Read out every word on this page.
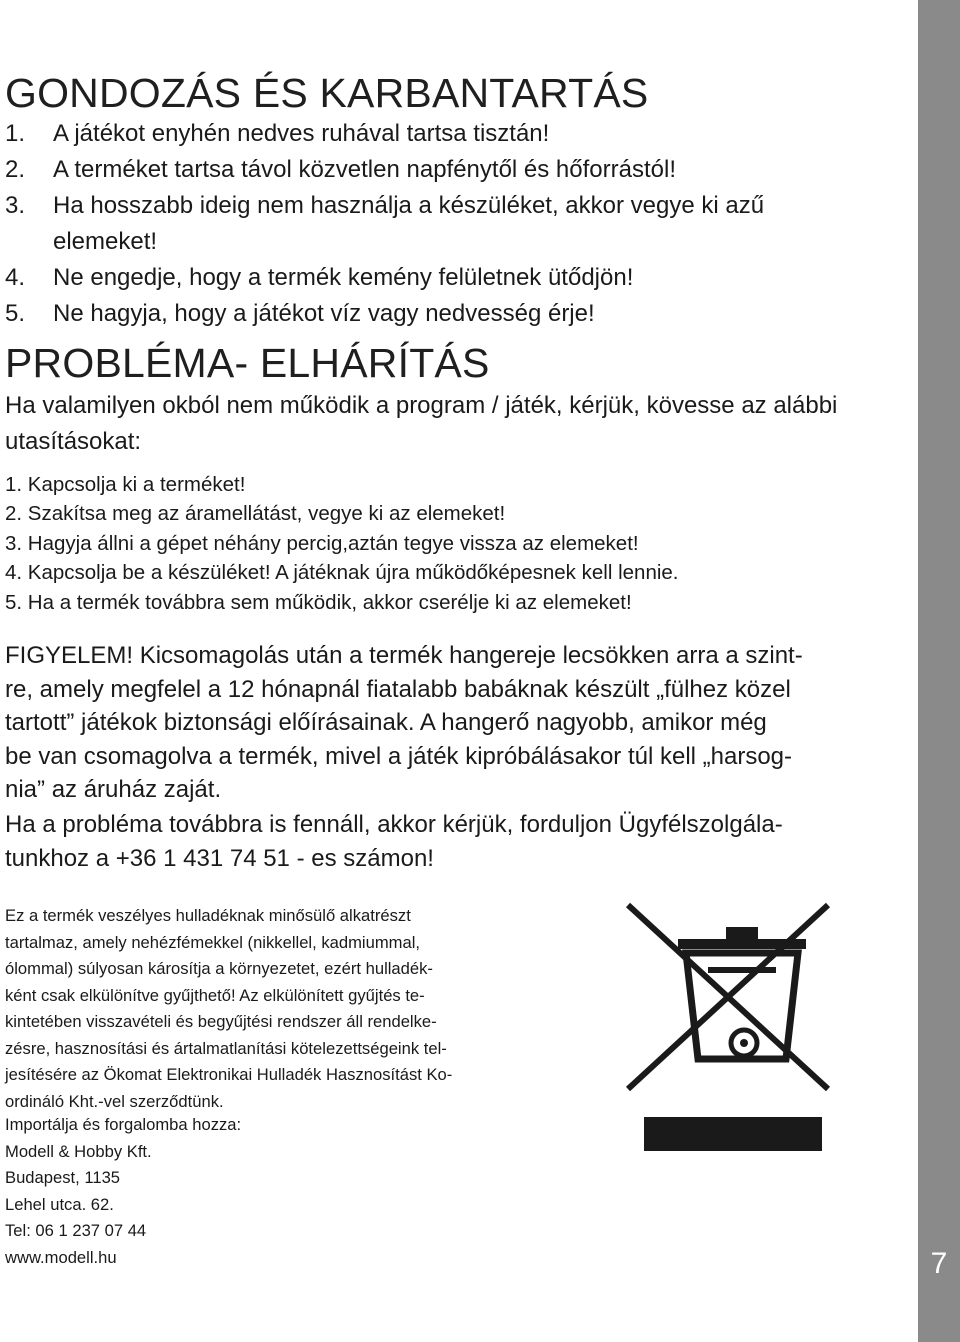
7
GONDOZÁS ÉS KARBANTARTÁS
1. A játékot enyhén nedves ruhával tartsa tisztán!
2. A terméket tartsa távol közvetlen napfénytől és hőforrástól!
3. Ha hosszabb ideig nem használja a készüléket, akkor vegye ki azű elemeket!
4. Ne engedje, hogy a termék kemény felületnek ütődjön!
5. Ne hagyja, hogy a játékot víz vagy nedvesség érje!
PROBLÉMA- ELHÁRÍTÁS
Ha valamilyen okból nem működik a program / játék, kérjük, kövesse az alábbi utasításokat:
1. Kapcsolja ki a terméket!
2. Szakítsa meg az áramellátást, vegye ki az elemeket!
3. Hagyja állni a gépet néhány percig,aztán tegye vissza az elemeket!
4. Kapcsolja be a készüléket! A játéknak újra működőképesnek kell lennie.
5. Ha a termék továbbra sem működik, akkor cserélje ki az elemeket!
FIGYELEM! Kicsomagolás után a termék hangereje lecsökken arra a szint-
re, amely megfelel a 12 hónapnál fiatalabb babáknak készült „fülhez közel
tartott” játékok biztonsági előírásainak. A hangerő nagyobb, amikor még
be van csomagolva a termék, mivel a játék kipróbálásakor túl kell „harsog-
nia” az áruház zaját.
Ha a probléma továbbra is fennáll, akkor kérjük, forduljon Ügyfélszolgála-
tunkhoz a +36 1 431 74 51 - es számon!
Ez a termék veszélyes hulladéknak minősülő alkatrészt
tartalmaz, amely nehézfémekkel (nikkellel, kadmiummal,
ólommal) súlyosan károsítja a környezetet, ezért hulladék-
ként csak elkülönítve gyűjthető! Az elkülönített gyűjtés te-
kintetében visszavételi és begyűjtési rendszer áll rendelke-
zésre, hasznosítási és ártalmatlanítási kötelezettségeink tel-
jesítésére az Ökomat Elektronikai Hulladék Hasznosítást Ko-
ordináló Kht.-vel szerződtünk.
Importálja és forgalomba hozza:
Modell & Hobby Kft.
Budapest, 1135
Lehel utca. 62.
Tel: 06 1 237 07 44
www.modell.hu
